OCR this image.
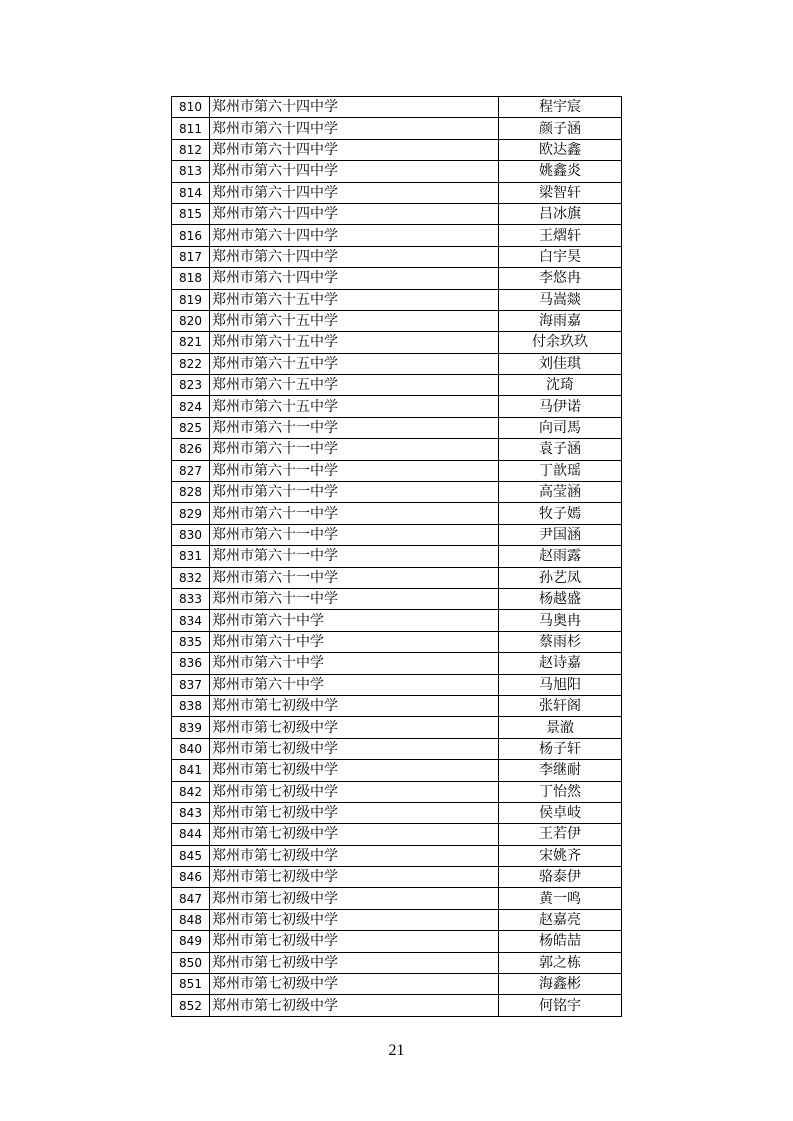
810	郑州市第六十四中学	程宇宸
811	郑州市第六十四中学	颜子涵
812	郑州市第六十四中学	欧达鑫
813	郑州市第六十四中学	姚鑫炎
814	郑州市第六十四中学	梁智轩
815	郑州市第六十四中学	吕冰旗
816	郑州市第六十四中学	王熠轩
817	郑州市第六十四中学	白宇昊
818	郑州市第六十四中学	李悠冉
819	郑州市第六十五中学	马嵩燚
820	郑州市第六十五中学	海雨嘉
821	郑州市第六十五中学	付余玖玖
822	郑州市第六十五中学	刘佳琪
823	郑州市第六十五中学	沈琦
824	郑州市第六十五中学	马伊诺
825	郑州市第六十一中学	向司馬
826	郑州市第六十一中学	袁子涵
827	郑州市第六十一中学	丁歆瑶
828	郑州市第六十一中学	高莹涵
829	郑州市第六十一中学	牧子嫣
830	郑州市第六十一中学	尹国涵
831	郑州市第六十一中学	赵雨露
832	郑州市第六十一中学	孙艺凤
833	郑州市第六十一中学	杨越盛
834	郑州市第六十中学	马奥冉
835	郑州市第六十中学	蔡雨杉
836	郑州市第六十中学	赵诗嘉
837	郑州市第六十中学	马旭阳
838	郑州市第七初级中学	张轩阁
839	郑州市第七初级中学	景澈
840	郑州市第七初级中学	杨子轩
841	郑州市第七初级中学	李继耐
842	郑州市第七初级中学	丁怡然
843	郑州市第七初级中学	侯卓岐
844	郑州市第七初级中学	王若伊
845	郑州市第七初级中学	宋姚齐
846	郑州市第七初级中学	骆泰伊
847	郑州市第七初级中学	黄一鸣
848	郑州市第七初级中学	赵嘉亮
849	郑州市第七初级中学	杨皓喆
850	郑州市第七初级中学	郭之栋
851	郑州市第七初级中学	海鑫彬
852	郑州市第七初级中学	何铭宇
21
